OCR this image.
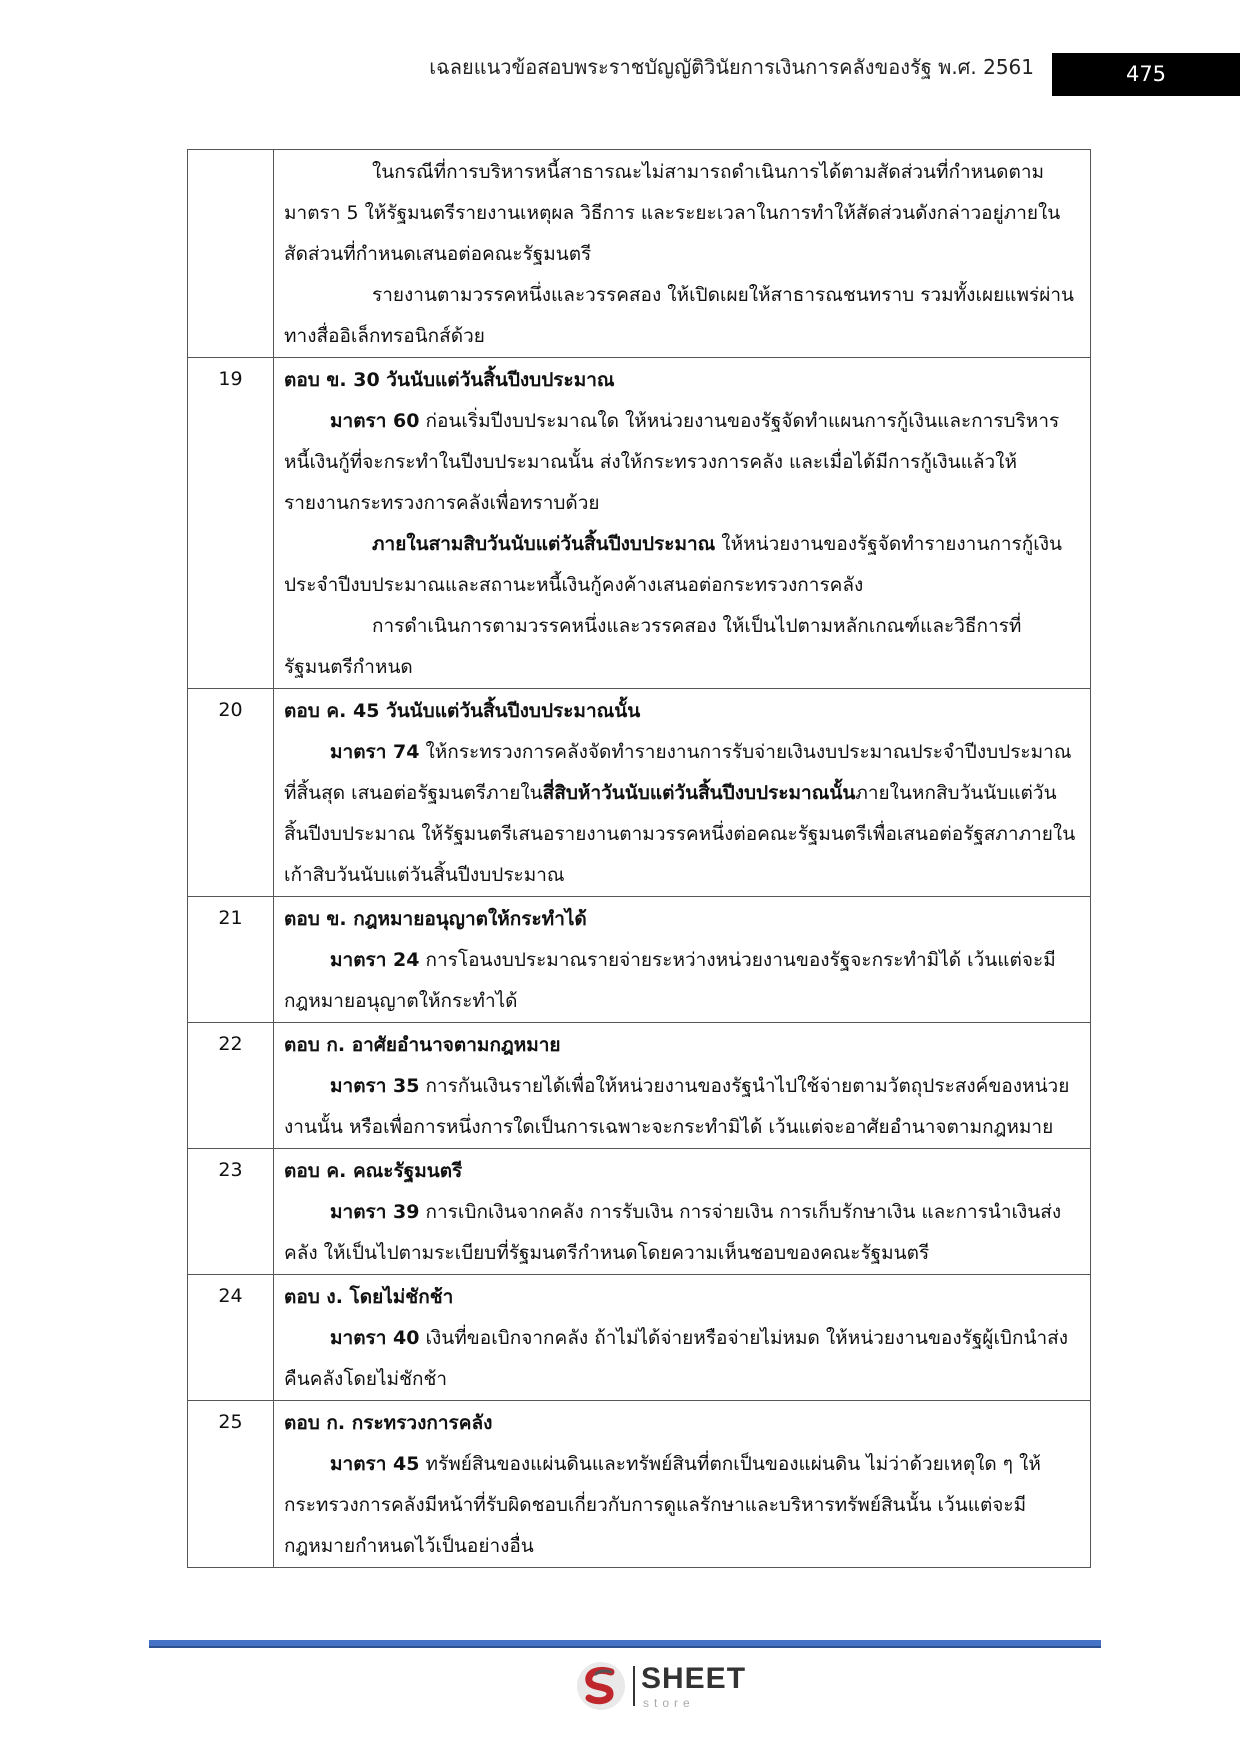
เฉลยแนวข้อสอบพระราชบัญญัติวินัยการเงินการคลังของรัฐ พ.ศ. 2561	475

	ในกรณีที่การบริหารหนี้สาธารณะไม่สามารถดำเนินการได้ตามสัดส่วนที่กำหนดตาม มาตรา 5 ให้รัฐมนตรีรายงานเหตุผล วิธีการ และระยะเวลาในการทำให้สัดส่วนดังกล่าวอยู่ภายในสัดส่วนที่กำหนดเสนอต่อคณะรัฐมนตรี

รายงานตามวรรคหนึ่งและวรรคสอง ให้เปิดเผยให้สาธารณชนทราบ รวมทั้งเผยแพร่ผ่านทางสื่ออิเล็กทรอนิกส์ด้วย

19	ตอบ ข. 30 วันนับแต่วันสิ้นปีงบประมาณ

มาตรา 60 ก่อนเริ่มปีงบประมาณใด ให้หน่วยงานของรัฐจัดทำแผนการกู้เงินและการบริหารหนี้เงินกู้ที่จะกระทำในปีงบประมาณนั้น ส่งให้กระทรวงการคลัง และเมื่อได้มีการกู้เงินแล้วให้รายงานกระทรวงการคลังเพื่อทราบด้วย

ภายในสามสิบวันนับแต่วันสิ้นปีงบประมาณ ให้หน่วยงานของรัฐจัดทำรายงานการกู้เงินประจำปีงบประมาณและสถานะหนี้เงินกู้คงค้างเสนอต่อกระทรวงการคลัง

การดำเนินการตามวรรคหนึ่งและวรรคสอง ให้เป็นไปตามหลักเกณฑ์และวิธีการที่รัฐมนตรีกำหนด

20	ตอบ ค. 45 วันนับแต่วันสิ้นปีงบประมาณนั้น

มาตรา 74 ให้กระทรวงการคลังจัดทำรายงานการรับจ่ายเงินงบประมาณประจำปีงบประมาณที่สิ้นสุด เสนอต่อรัฐมนตรีภายในสี่สิบห้าวันนับแต่วันสิ้นปีงบประมาณนั้นภายในหกสิบวันนับแต่วันสิ้นปีงบประมาณ ให้รัฐมนตรีเสนอรายงานตามวรรคหนึ่งต่อคณะรัฐมนตรีเพื่อเสนอต่อรัฐสภาภายในเก้าสิบวันนับแต่วันสิ้นปีงบประมาณ

21	ตอบ ข. กฎหมายอนุญาตให้กระทำได้

มาตรา 24 การโอนงบประมาณรายจ่ายระหว่างหน่วยงานของรัฐจะกระทำมิได้ เว้นแต่จะมีกฎหมายอนุญาตให้กระทำได้

22	ตอบ ก. อาศัยอำนาจตามกฎหมาย

มาตรา 35 การกันเงินรายได้เพื่อให้หน่วยงานของรัฐนำไปใช้จ่ายตามวัตถุประสงค์ของหน่วยงานนั้น หรือเพื่อการหนึ่งการใดเป็นการเฉพาะจะกระทำมิได้ เว้นแต่จะอาศัยอำนาจตามกฎหมาย

23	ตอบ ค. คณะรัฐมนตรี

มาตรา 39 การเบิกเงินจากคลัง การรับเงิน การจ่ายเงิน การเก็บรักษาเงิน และการนำเงินส่งคลัง ให้เป็นไปตามระเบียบที่รัฐมนตรีกำหนดโดยความเห็นชอบของคณะรัฐมนตรี

24	ตอบ ง. โดยไม่ชักช้า

มาตรา 40 เงินที่ขอเบิกจากคลัง ถ้าไม่ได้จ่ายหรือจ่ายไม่หมด ให้หน่วยงานของรัฐผู้เบิกนำส่งคืนคลังโดยไม่ชักช้า

25	ตอบ ก. กระทรวงการคลัง

มาตรา 45 ทรัพย์สินของแผ่นดินและทรัพย์สินที่ตกเป็นของแผ่นดิน ไม่ว่าด้วยเหตุใด ๆ ให้กระทรวงการคลังมีหน้าที่รับผิดชอบเกี่ยวกับการดูแลรักษาและบริหารทรัพย์สินนั้น เว้นแต่จะมีกฎหมายกำหนดไว้เป็นอย่างอื่น

SHEET
store
